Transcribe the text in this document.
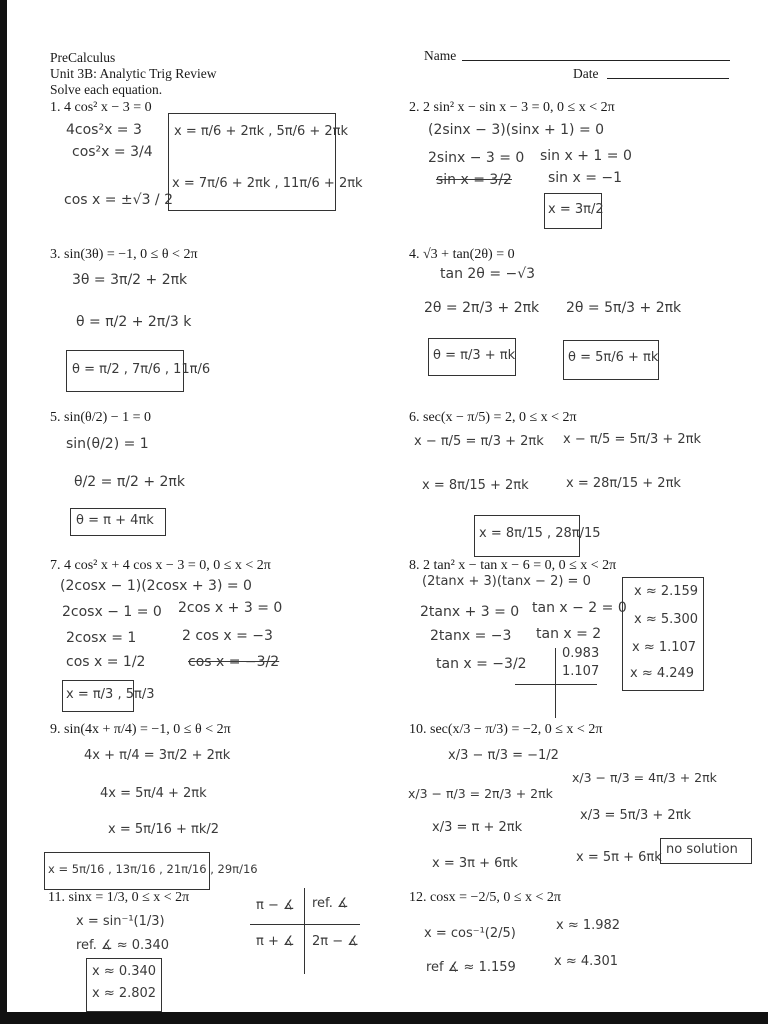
PreCalculus
Unit 3B: Analytic Trig Review
Solve each equation.
Name
Date
1. 4 cos² x − 3 = 0
4cos²x = 3
cos²x = 3/4
cos x = ±√3 / 2
x = π/6 + 2πk , 5π/6 + 2πk
x = 7π/6 + 2πk , 11π/6 + 2πk
2. 2 sin² x − sin x − 3 = 0, 0 ≤ x < 2π
(2sinx − 3)(sinx + 1) = 0
2sinx − 3 = 0 sin x + 1 = 0
sin x = 3/2	sin x = −1
x = 3π/2
3. sin(3θ) = −1, 0 ≤ θ < 2π
3θ = 3π/2 + 2πk
θ = π/2 + 2π/3 k
θ = π/2 , 7π/6 , 11π/6
4. √3 + tan(2θ) = 0
tan 2θ = −√3
2θ = 2π/3 + 2πk 2θ = 5π/3 + 2πk
θ = π/3 + πk	θ = 5π/6 + πk
5. sin(θ/2) − 1 = 0
sin(θ/2) = 1
θ/2 = π/2 + 2πk
θ = π + 4πk
6. sec(x − π/5) = 2, 0 ≤ x < 2π
x − π/5 = π/3 + 2πk x − π/5 = 5π/3 + 2πk
x = 8π/15 + 2πk	x = 28π/15 + 2πk
x = 8π/15 , 28π/15
7. 4 cos² x + 4 cos x − 3 = 0, 0 ≤ x < 2π
(2cosx − 1)(2cosx + 3) = 0
2cosx − 1 = 0 2cos x + 3 = 0
2cosx = 1	2 cos x = −3
cos x = 1/2	cos x = −3/2
x = π/3 , 5π/3
8. 2 tan² x − tan x − 6 = 0, 0 ≤ x < 2π
(2tanx + 3)(tanx − 2) = 0
2tanx + 3 = 0 tan x − 2 = 0
2tanx = −3 tan x = 2
tan x = −3/2
0.983
1.107
x ≈ 2.159
x ≈ 5.300
x ≈ 1.107
x ≈ 4.249
9. sin(4x + π/4) = −1, 0 ≤ θ < 2π
4x + π/4 = 3π/2 + 2πk
4x = 5π/4 + 2πk
x = 5π/16 + πk/2
x = 5π/16 , 13π/16 , 21π/16 , 29π/16
10. sec(x/3 − π/3) = −2, 0 ≤ x < 2π
x/3 − π/3 = −1/2
x/3 − π/3 = 2π/3 + 2πk
x/3 − π/3 = 4π/3 + 2πk
x/3 = π + 2πk
x/3 = 5π/3 + 2πk
x = 3π + 6πk	x = 5π + 6πk
no solution
11. sinx = 1/3, 0 ≤ x < 2π
x = sin⁻¹(1/3)
ref. ∡ ≈ 0.340
π − ∡ ref. ∡
π + ∡ 2π − ∡
x ≈ 0.340
x ≈ 2.802
12. cosx = −2/5, 0 ≤ x < 2π
x = cos⁻¹(2/5)
x ≈ 1.982
ref ∡ ≈ 1.159	x ≈ 4.301
